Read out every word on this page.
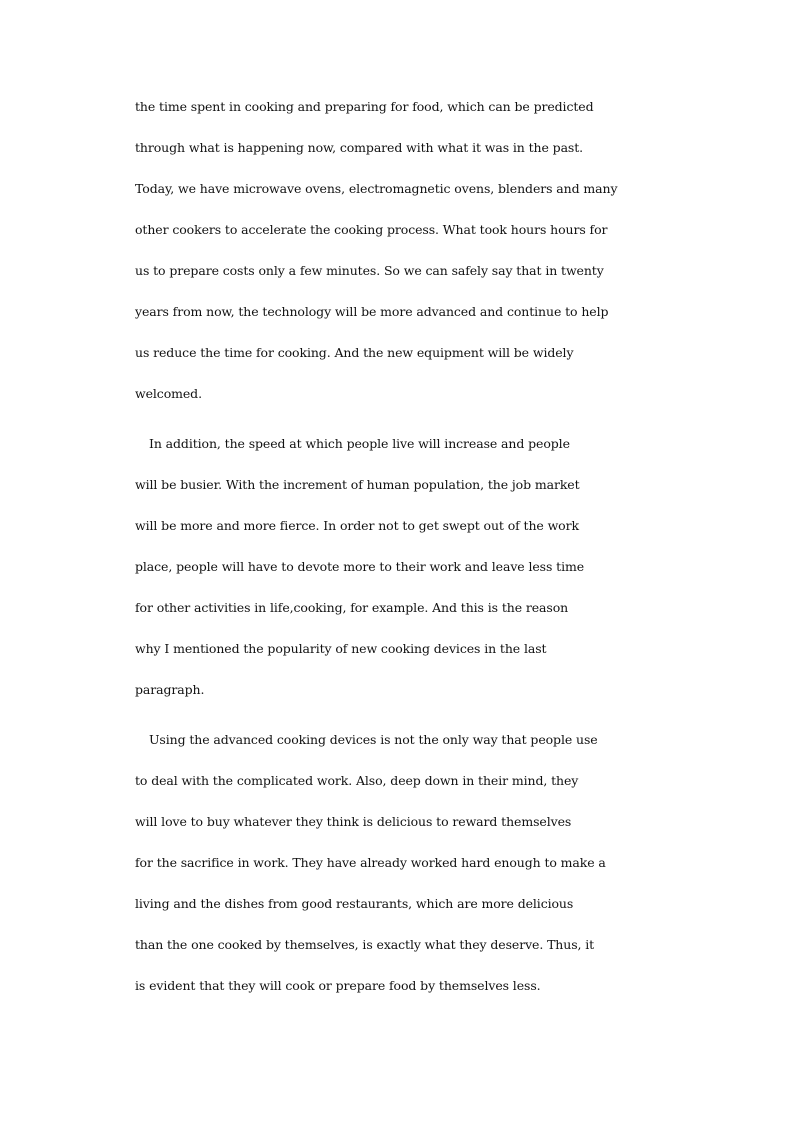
the time spent in cooking and preparing for food, which can be predicted
through what is happening now, compared with what it was in the past.
Today, we have microwave ovens, electromagnetic ovens, blenders and many
other cookers to accelerate the cooking process. What took hours hours for
us to prepare costs only a few minutes. So we can safely say that in twenty
years from now, the technology will be more advanced and continue to help
us reduce the time for cooking. And the new equipment will be widely
welcomed.
In addition, the speed at which people live will increase and people
will be busier. With the increment of human population, the job market
will be more and more fierce. In order not to get swept out of the work
place, people will have to devote more to their work and leave less time
for other activities in life,cooking, for example. And this is the reason
why I mentioned the popularity of new cooking devices in the last
paragraph.
Using the advanced cooking devices is not the only way that people use
to deal with the complicated work. Also, deep down in their mind, they
will love to buy whatever they think is delicious to reward themselves
for the sacrifice in work. They have already worked hard enough to make a
living and the dishes from good restaurants, which are more delicious
than the one cooked by themselves, is exactly what they deserve. Thus, it
is evident that they will cook or prepare food by themselves less.
